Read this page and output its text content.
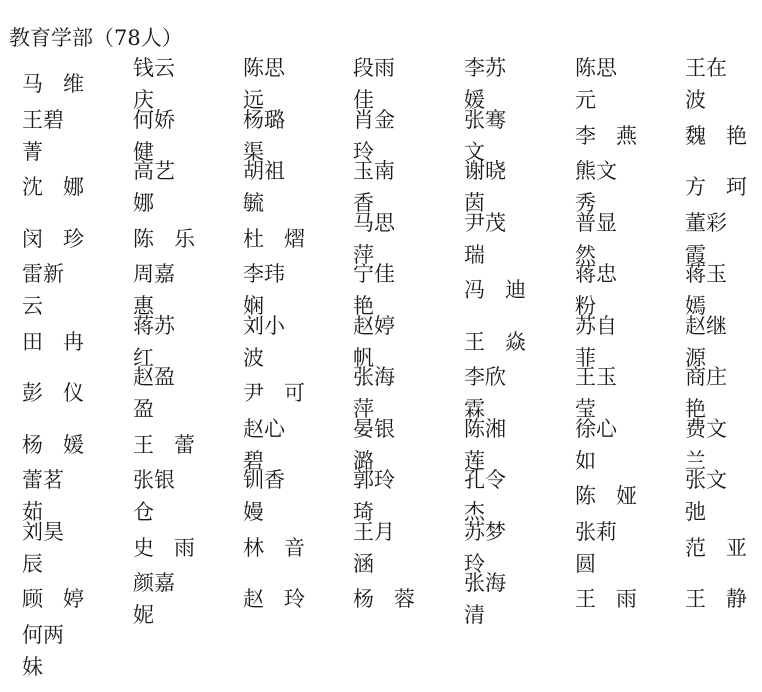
教育学部（78人）
马 维
钱云庆
陈思远
段雨佳
李苏媛
陈思元
王在波
王碧菁
何娇健
杨璐渠
肖金玲
张骞文
李 燕 魏 艳
沈 娜
高艺娜
胡祖毓
玉南香
谢晓茵
熊文秀
方 珂
闵 珍 陈 乐 杜 熠
马思萍
尹茂瑞
普显然
董彩霞
雷新云
周嘉惠
李玮娴
宁佳艳
冯 迪
蒋忠粉
蒋玉嫣
田 冉
蒋苏红
刘小波
赵婷帆
王 焱
苏自菲
赵继源
彭 仪
赵盈盈
尹 可
张海萍
李欣霖
王玉莹
商庄艳
杨 媛 王 蕾
赵心碧
晏银潞
陈湘莲
徐心如
费文兰
蕾茗茹
张银仓
钏香嫚
郭玲琦
孔令杰
陈 娅
张文弛
刘昊辰
史 雨 林 音
王月涵
苏梦玲
张莉圆
范 亚
顾 婷
颜嘉妮
赵 玲 杨 蓉
张海清
王 雨 王 静
何两妹
